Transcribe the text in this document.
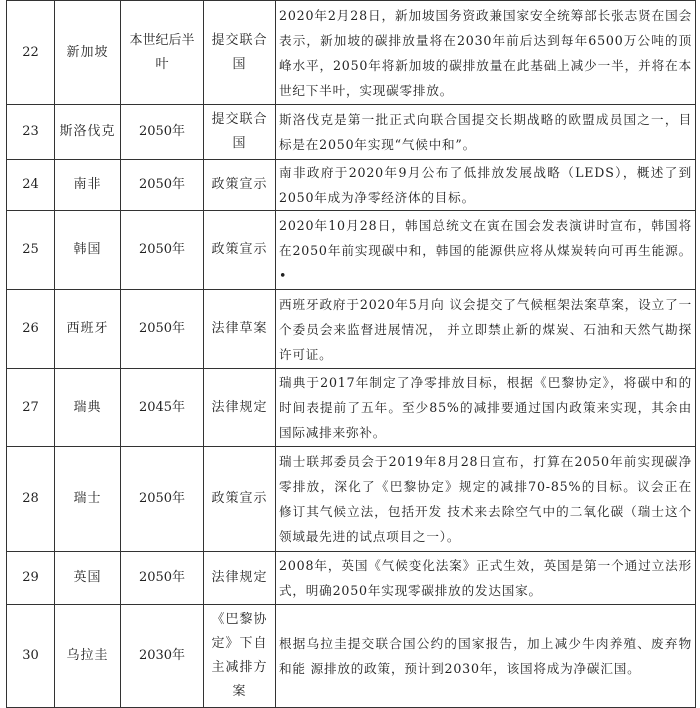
22	新加坡	本世纪后半叶	提交联合国	2020年2月28日，新加坡国务资政兼国家安全统筹部长张志贤在国会表示，新加坡的碳排放量将在2030年前后达到每年6500万公吨的顶峰水平，2050年将新加坡的碳排放量在此基础上减少一半，并将在本世纪下半叶，实现碳零排放。
23	斯洛伐克	2050年	提交联合国	斯洛伐克是第一批正式向联合国提交长期战略的欧盟成员国之一，目标是在2050年实现“气候中和”。
24	南非	2050年	政策宣示	南非政府于2020年9月公布了低排放发展战略（LEDS），概述了到2050年成为净零经济体的目标。
25	韩国	2050年	政策宣示	2020年10月28日，韩国总统文在寅在国会发表演讲时宣布，韩国将在2050年前实现碳中和，韩国的能源供应将从煤炭转向可再生能源。•
26	西班牙	2050年	法律草案	西班牙政府于2020年5月向 议会提交了气候框架法案草案，设立了一个委员会来监督进展情况， 并立即禁止新的煤炭、石油和天然气勘探许可证。
27	瑞典	2045年	法律规定	瑞典于2017年制定了净零排放目标，根据《巴黎协定》，将碳中和的时间表提前了五年。至少85%的减排要通过国内政策来实现，其余由国际减排来弥补。
28	瑞士	2050年	政策宣示	瑞士联邦委员会于2019年8月28日宣布，打算在2050年前实现碳净零排放，深化了《巴黎协定》规定的减排70-85%的目标。议会正在修订其气候立法，包括开发 技术来去除空气中的二氧化碳（瑞士这个领域最先进的试点项目之一）。
29	英国	2050年	法律规定	2008年，英国《气候变化法案》正式生效，英国是第一个通过立法形式，明确2050年实现零碳排放的发达国家。
30	乌拉圭	2030年	《巴黎协定》下自主减排方案	根据乌拉圭提交联合国公约的国家报告，加上减少牛肉养殖、废弃物和能 源排放的政策，预计到2030年，该国将成为净碳汇国。
